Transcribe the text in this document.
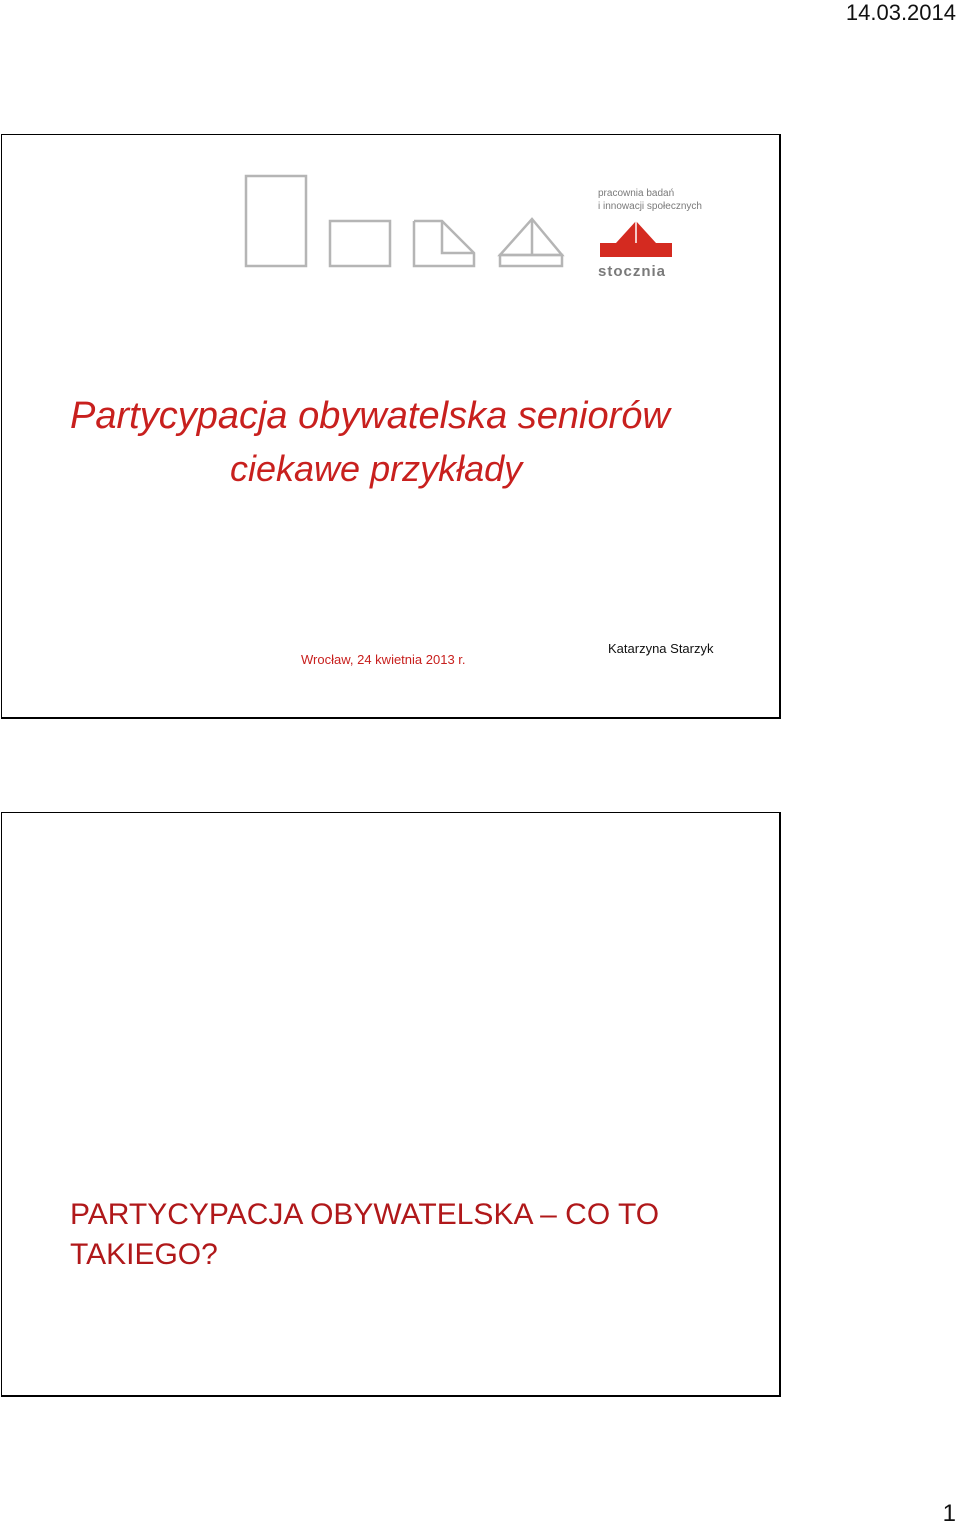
14.03.2014
pracownia badań
i innowacji społecznych
stocznia
Partycypacja obywatelska seniorów
ciekawe przykłady
Wrocław, 24 kwietnia 2013 r.
Katarzyna Starzyk
PARTYCYPACJA OBYWATELSKA – CO TO TAKIEGO?
1
